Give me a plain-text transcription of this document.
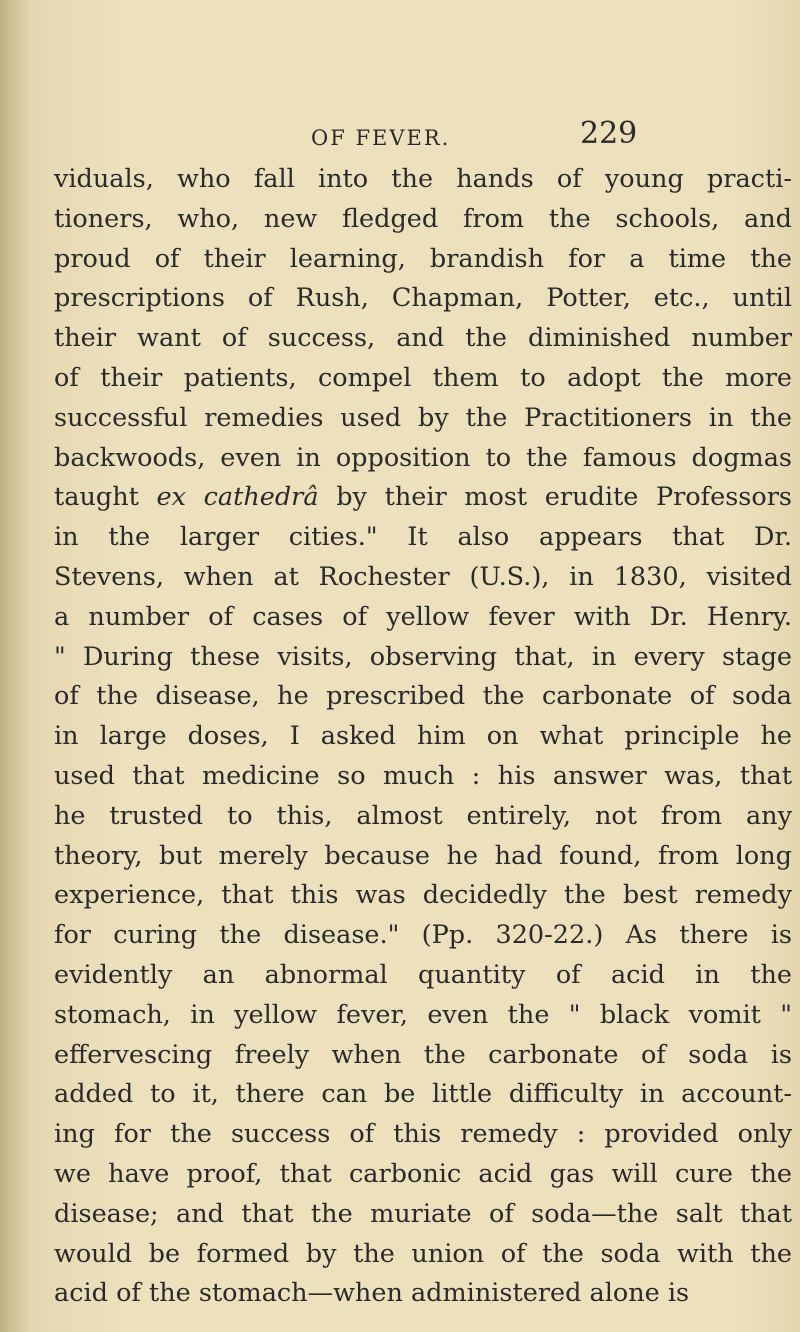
OF FEVER.	229
viduals, who fall into the hands of young practi-
tioners, who, new fledged from the schools, and
proud of their learning, brandish for a time the
prescriptions of Rush, Chapman, Potter, etc., until
their want of success, and the diminished number
of their patients, compel them to adopt the more
successful remedies used by the Practitioners in the
backwoods, even in opposition to the famous dogmas
taught ex cathedrâ by their most erudite Professors
in the larger cities." It also appears that Dr.
Stevens, when at Rochester (U.S.), in 1830, visited
a number of cases of yellow fever with Dr. Henry.
" During these visits, observing that, in every stage
of the disease, he prescribed the carbonate of soda
in large doses, I asked him on what principle he
used that medicine so much : his answer was, that
he trusted to this, almost entirely, not from any
theory, but merely because he had found, from long
experience, that this was decidedly the best remedy
for curing the disease." (Pp. 320-22.) As there is
evidently an abnormal quantity of acid in the
stomach, in yellow fever, even the " black vomit "
effervescing freely when the carbonate of soda is
added to it, there can be little difficulty in account-
ing for the success of this remedy : provided only
we have proof, that carbonic acid gas will cure the
disease; and that the muriate of soda—the salt that
would be formed by the union of the soda with the
acid of the stomach—when administered alone is
